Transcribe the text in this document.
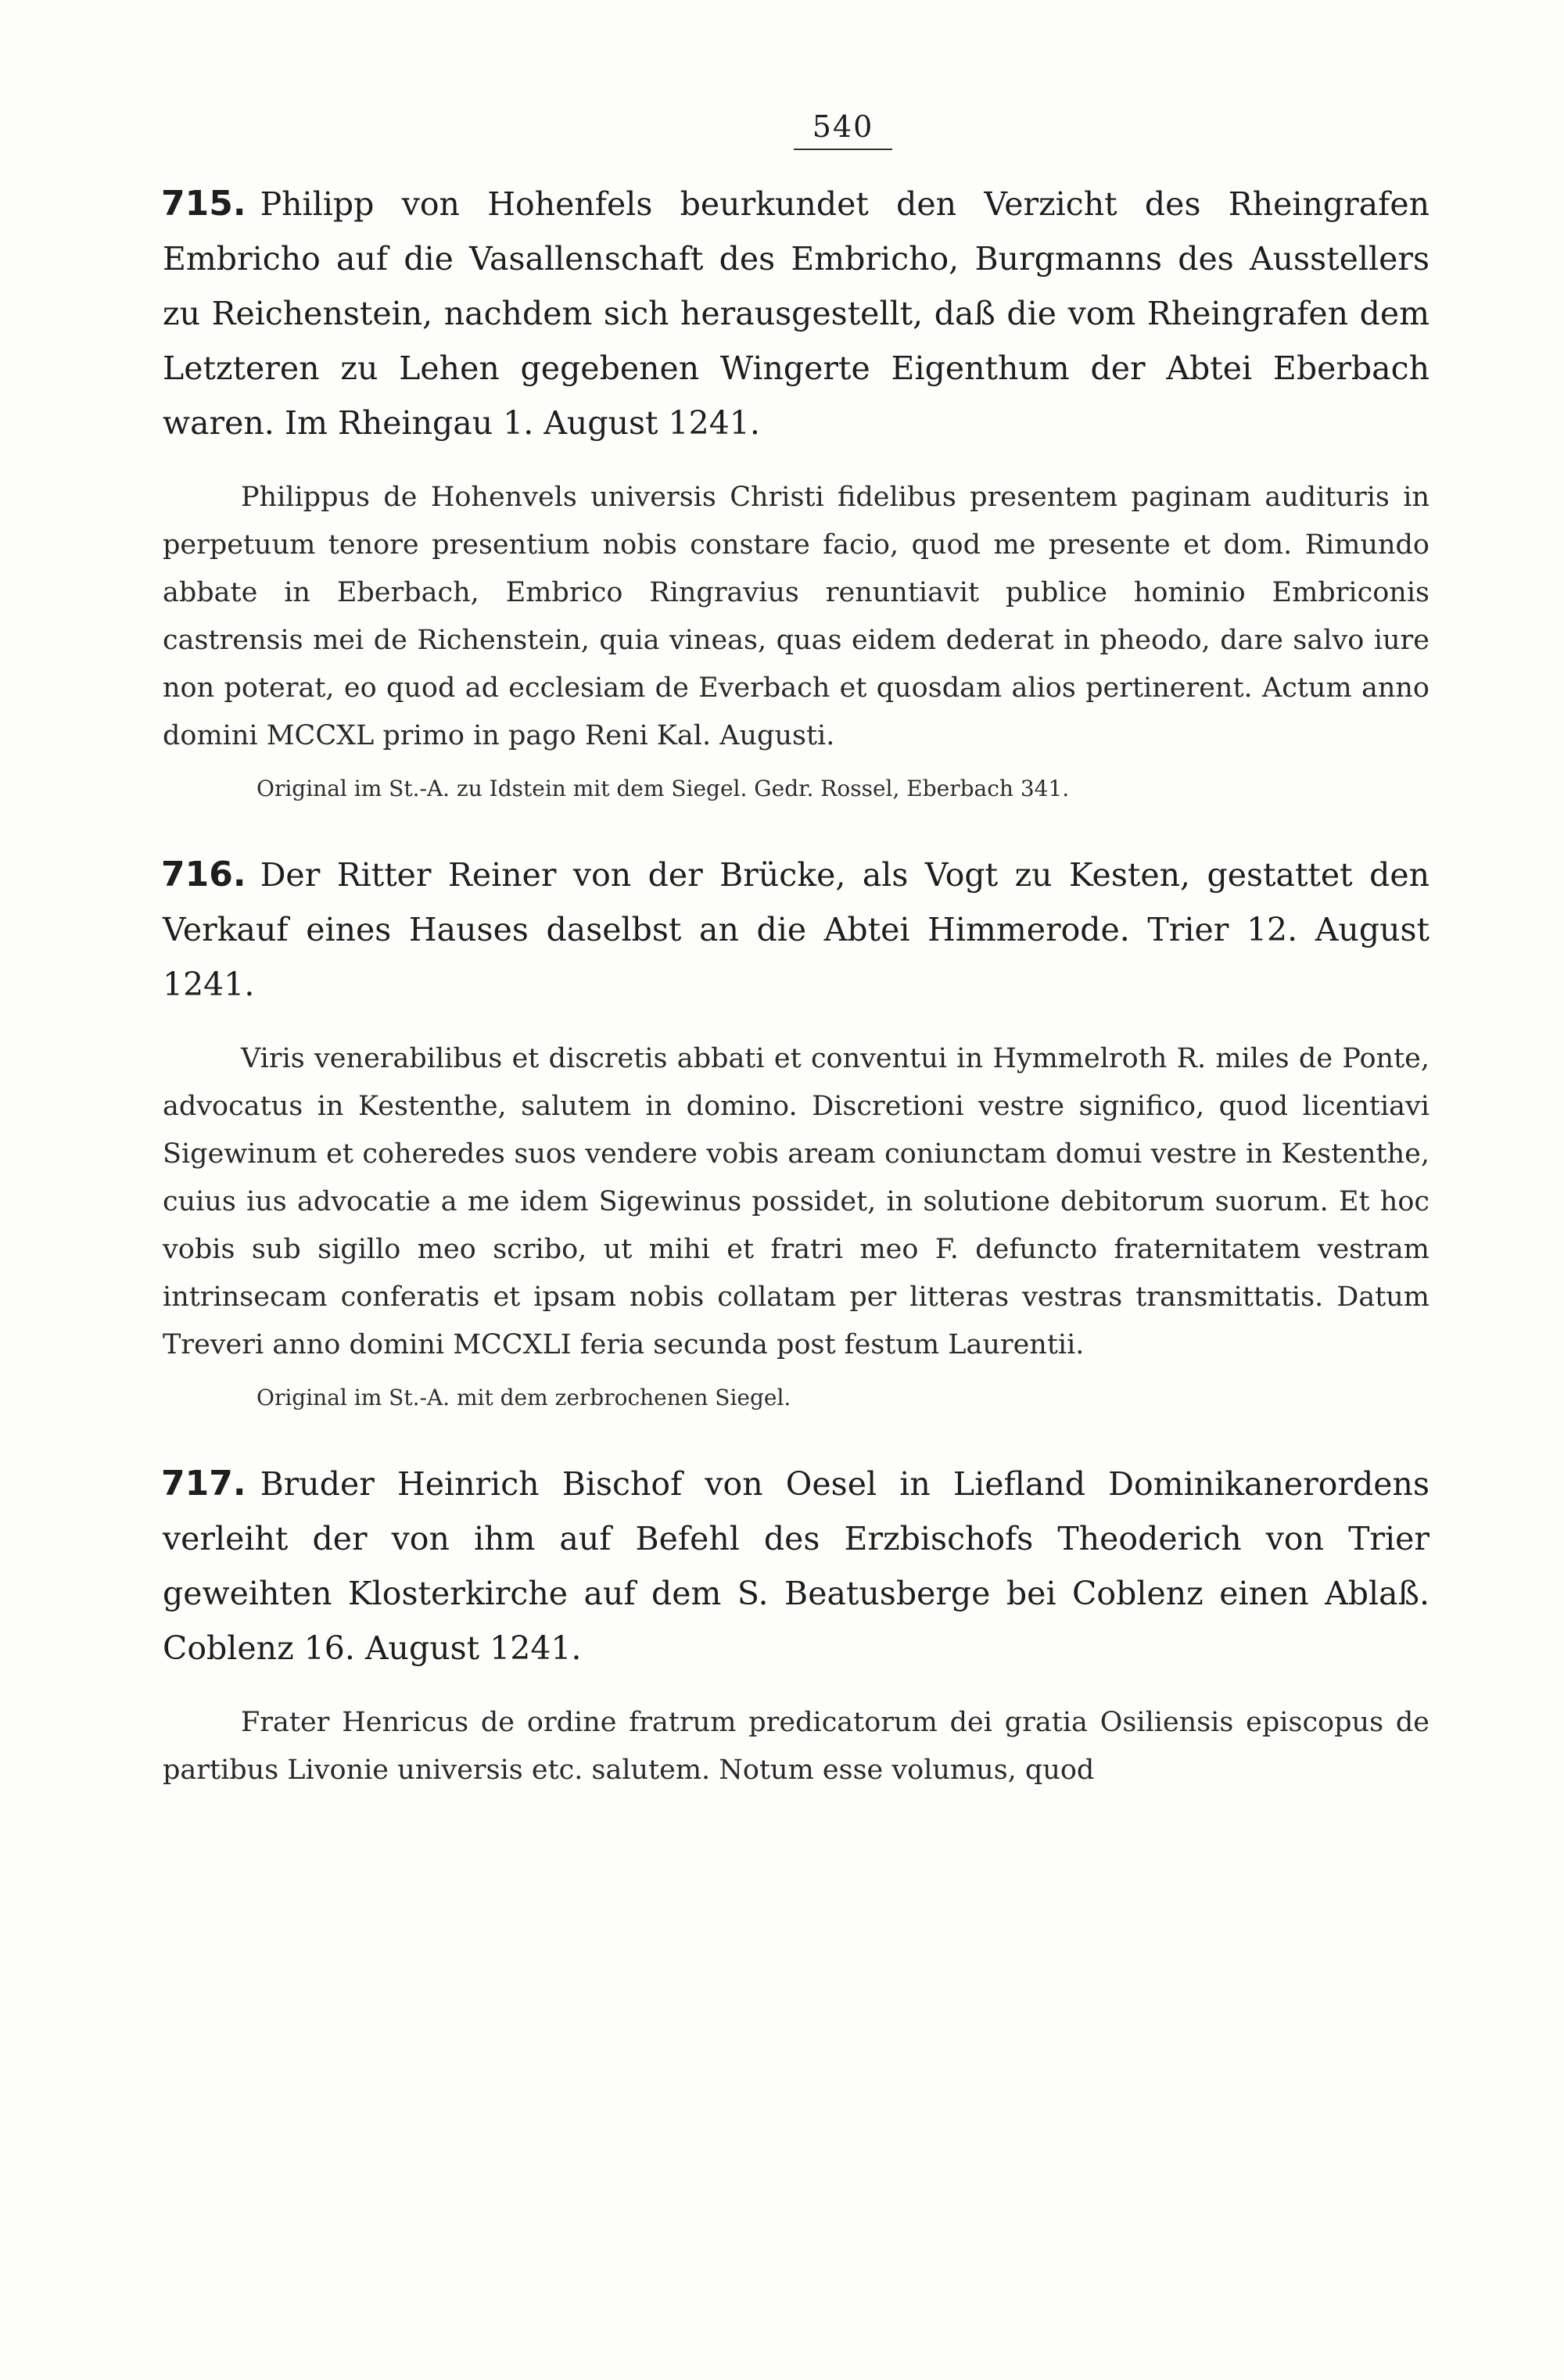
540
715. Philipp von Hohenfels beurkundet den Verzicht des Rheingrafen Embricho auf die Vasallenschaft des Embricho, Burgmanns des Ausstellers zu Reichenstein, nachdem sich herausgestellt, daß die vom Rheingrafen dem Letzteren zu Lehen gegebenen Wingerte Eigenthum der Abtei Eberbach waren. Im Rheingau 1. August 1241.

Philippus de Hohenvels universis Christi fidelibus presentem paginam audituris in perpetuum tenore presentium nobis constare facio, quod me presente et dom. Rimundo abbate in Eberbach, Embrico Ringravius renuntiavit publice hominio Embriconis castrensis mei de Richenstein, quia vineas, quas eidem dederat in pheodo, dare salvo iure non poterat, eo quod ad ecclesiam de Everbach et quosdam alios pertinerent. Actum anno domini MCCXL primo in pago Reni Kal. Augusti.

Original im St.-A. zu Idstein mit dem Siegel. Gedr. Rossel, Eberbach 341.
716. Der Ritter Reiner von der Brücke, als Vogt zu Kesten, gestattet den Verkauf eines Hauses daselbst an die Abtei Himmerode. Trier 12. August 1241.

Viris venerabilibus et discretis abbati et conventui in Hymmelroth R. miles de Ponte, advocatus in Kestenthe, salutem in domino. Discretioni vestre significo, quod licentiavi Sigewinum et coheredes suos vendere vobis aream coniunctam domui vestre in Kestenthe, cuius ius advocatie a me idem Sigewinus possidet, in solutione debitorum suorum. Et hoc vobis sub sigillo meo scribo, ut mihi et fratri meo F. defuncto fraternitatem vestram intrinsecam conferatis et ipsam nobis collatam per litteras vestras transmittatis. Datum Treveri anno domini MCCXLI feria secunda post festum Laurentii.

Original im St.-A. mit dem zerbrochenen Siegel.
717. Bruder Heinrich Bischof von Oesel in Liefland Dominikanerordens verleiht der von ihm auf Befehl des Erzbischofs Theoderich von Trier geweihten Klosterkirche auf dem S. Beatusberge bei Coblenz einen Ablaß. Coblenz 16. August 1241.

Frater Henricus de ordine fratrum predicatorum dei gratia Osiliensis episcopus de partibus Livonie universis etc. salutem. Notum esse volumus, quod
